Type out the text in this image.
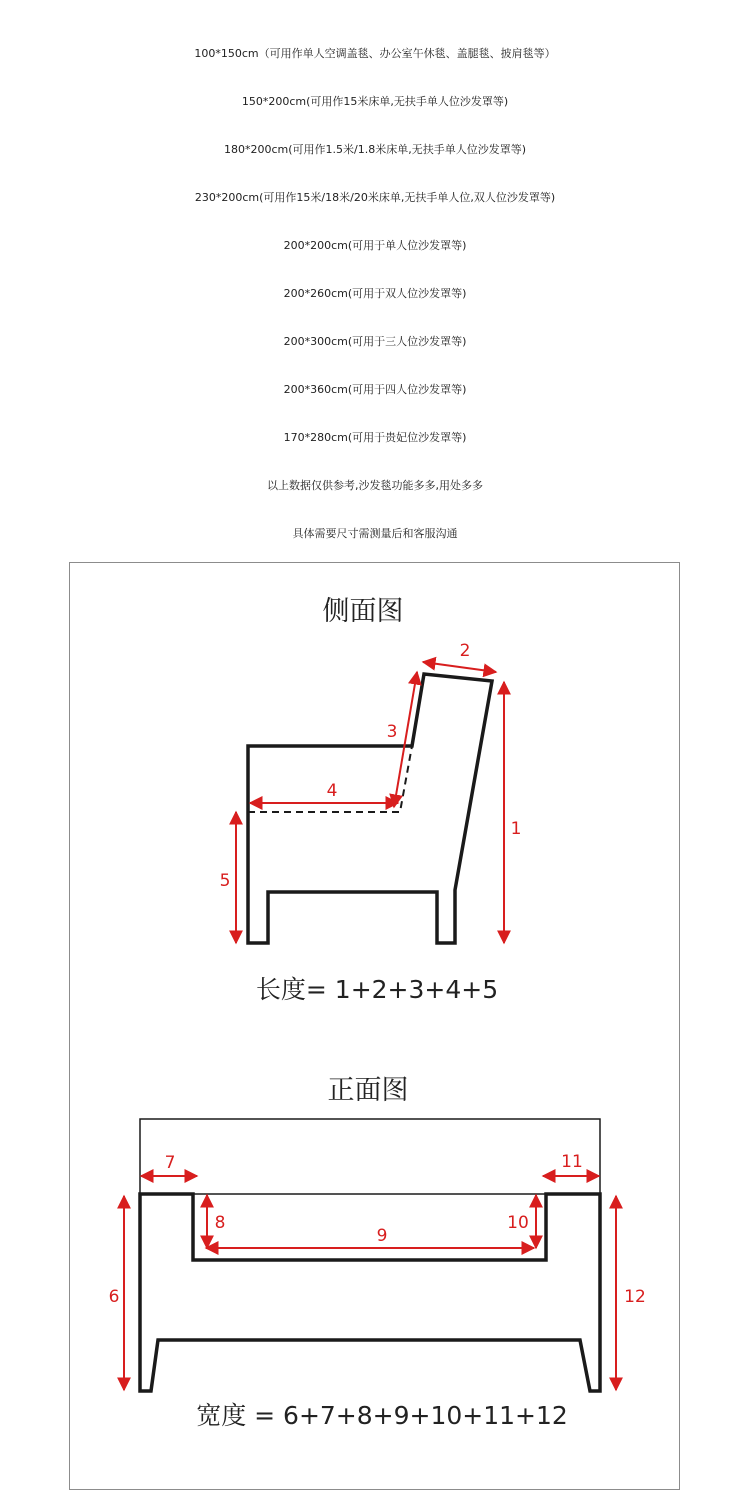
100*150cm（可用作单人空调盖毯、办公室午休毯、盖腿毯、披肩毯等）
150*200cm(可用作15米床单,无扶手单人位沙发罩等)
180*200cm(可用作1.5米/1.8米床单,无扶手单人位沙发罩等)
230*200cm(可用作15米/18米/20米床单,无扶手单人位,双人位沙发罩等)
200*200cm(可用于单人位沙发罩等)
200*260cm(可用于双人位沙发罩等)
200*300cm(可用于三人位沙发罩等)
200*360cm(可用于四人位沙发罩等)
170*280cm(可用于贵妃位沙发罩等)
以上数据仅供参考,沙发毯功能多多,用处多多
具体需要尺寸需测量后和客服沟通
侧面图
1
2
3
4
5
长度= 1+2+3+4+5
正面图
6
7
8
9
10
11
12
宽度 = 6+7+8+9+10+11+12
